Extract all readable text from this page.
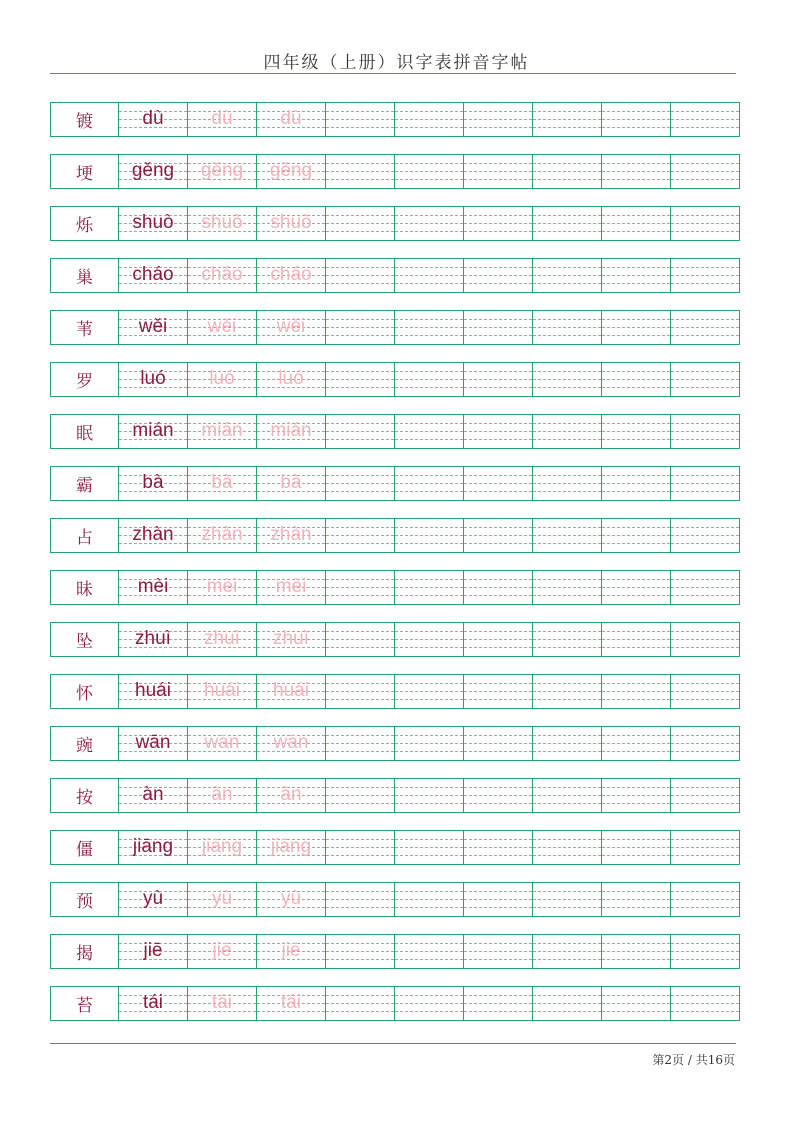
四年级（上册）识字表拼音字帖
镀	dù	dù	dù
埂	gěng	gěng	gěng
烁	shuò	shuò	shuò
巢	cháo	cháo	cháo
苇	wěi	wěi	wěi
罗	luó	luó	luó
眠	mián	mián	mián
霸	bà	bà	bà
占	zhàn	zhàn	zhàn
昧	mèi	mèi	mèi
坠	zhuì	zhuì	zhuì
怀	huái	huái	huái
豌	wān	wān	wān
按	àn	àn	àn
僵	jiāng	jiāng	jiāng
预	yù	yù	yù
揭	jiē	jiē	jiē
苔	tái	tái	tái
第2页 / 共16页
